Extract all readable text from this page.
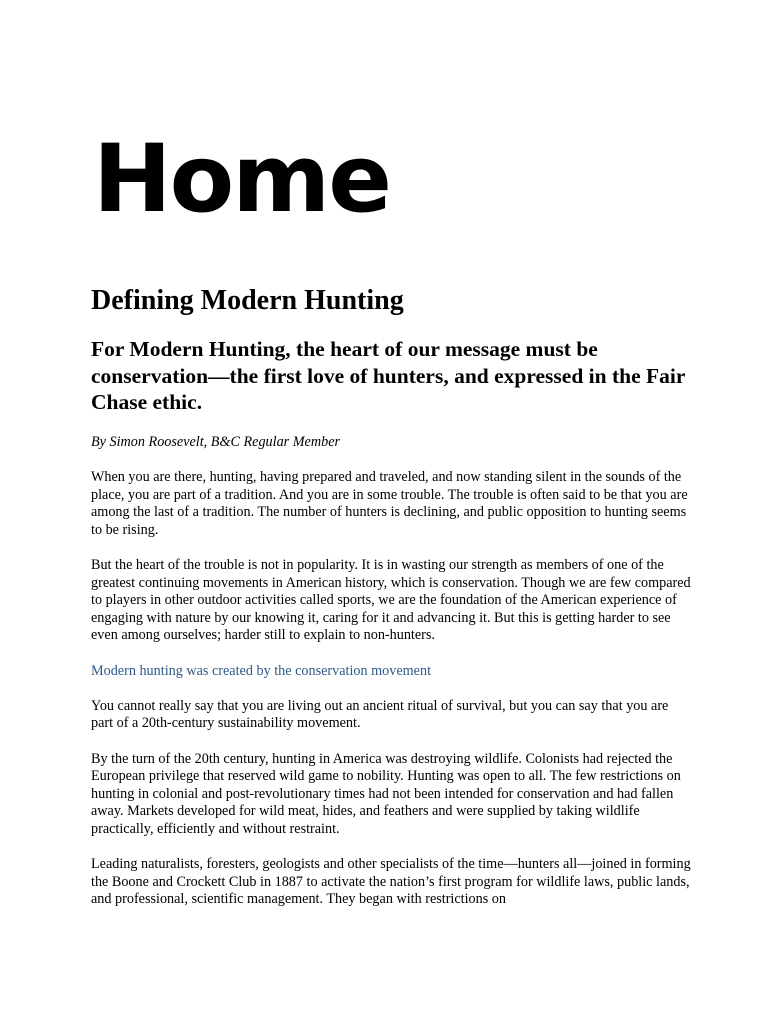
Home
Defining Modern Hunting
For Modern Hunting, the heart of our message must be conservation—the first love of hunters, and expressed in the Fair Chase ethic.

By Simon Roosevelt, B&C Regular Member

When you are there, hunting, having prepared and traveled, and now standing silent in the sounds of the place, you are part of a tradition. And you are in some trouble. The trouble is often said to be that you are among the last of a tradition. The number of hunters is declining, and public opposition to hunting seems to be rising.

But the heart of the trouble is not in popularity. It is in wasting our strength as members of one of the greatest continuing movements in American history, which is conservation. Though we are few compared to players in other outdoor activities called sports, we are the foundation of the American experience of engaging with nature by our knowing it, caring for it and advancing it. But this is getting harder to see even among ourselves; harder still to explain to non-hunters.

Modern hunting was created by the conservation movement

You cannot really say that you are living out an ancient ritual of survival, but you can say that you are part of a 20th-century sustainability movement.

By the turn of the 20th century, hunting in America was destroying wildlife. Colonists had rejected the European privilege that reserved wild game to nobility. Hunting was open to all. The few restrictions on hunting in colonial and post-revolutionary times had not been intended for conservation and had fallen away. Markets developed for wild meat, hides, and feathers and were supplied by taking wildlife practically, efficiently and without restraint.

Leading naturalists, foresters, geologists and other specialists of the time—hunters all—joined in forming the Boone and Crockett Club in 1887 to activate the nation’s first program for wildlife laws, public lands, and professional, scientific management. They began with restrictions on
